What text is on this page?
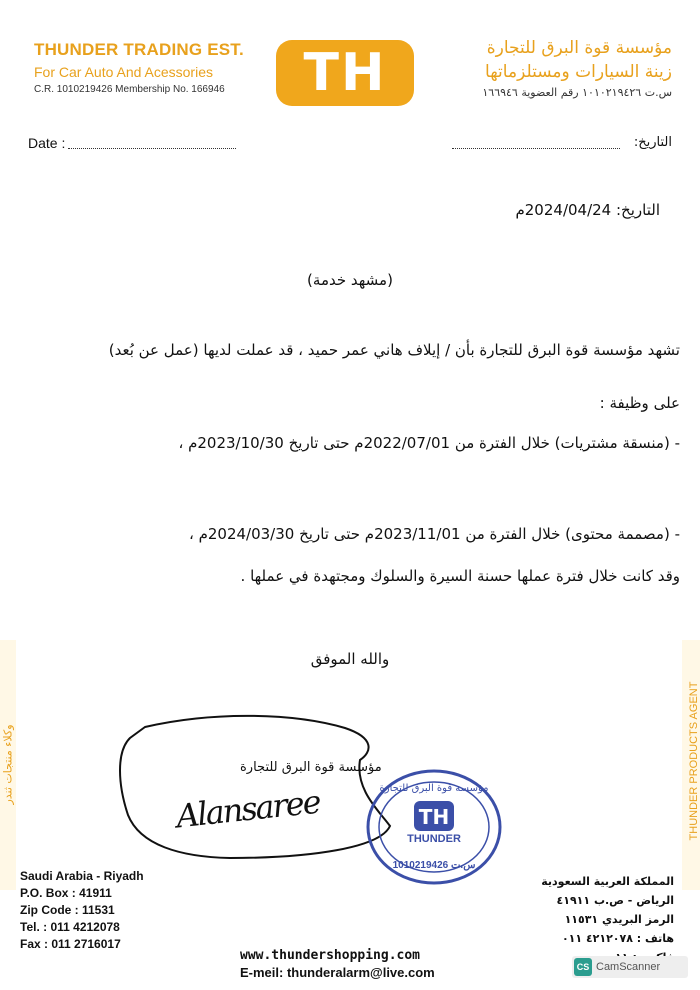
THUNDER TRADING EST.
For Car Auto And Acessories
C.R. 1010219426 Membership No. 166946 TH	مؤسسة قوة البرق للتجارة
زينة السيارات ومستلزماتها
س.ت ١٠١٠٢١٩٤٢٦ رقم العضوية ١٦٦٩٤٦
Date :	التاريخ:
التاريخ: 2024/04/24م
(مشهد خدمة)
تشهد مؤسسة قوة البرق للتجارة بأن / إيلاف هاني عمر حميد ، قد عملت لديها (عمل عن بُعد)
على وظيفة :
- (منسقة مشتريات) خلال الفترة من 2022/07/01م حتى تاريخ 2023/10/30م ،
- (مصممة محتوى) خلال الفترة من 2023/11/01م حتى تاريخ 2024/03/30م ،
وقد كانت خلال فترة عملها حسنة السيرة والسلوك ومجتهدة في عملها .
والله الموفق
وكلاء منتجات ثندر	THUNDER PRODUCTS AGENT
مؤسسة قوة البرق للتجارة
Alansaree	TH
THUNDER
مؤسسة قوة البرق للتجارة
1010219426 س.ت
Saudi Arabia - Riyadh
P.O. Box : 41911
Zip Code : 11531
Tel. : 011 4212078
Fax : 011 2716017
المملكة العربية السعودية
الرياض - ص.ب ٤١٩١١
الرمز البريدي ١١٥٣١
هاتف : ٤٢١٢٠٧٨ ٠١١
www.thundershopping.com
E-meil: thunderalarm@live.com	CS CamScanner
